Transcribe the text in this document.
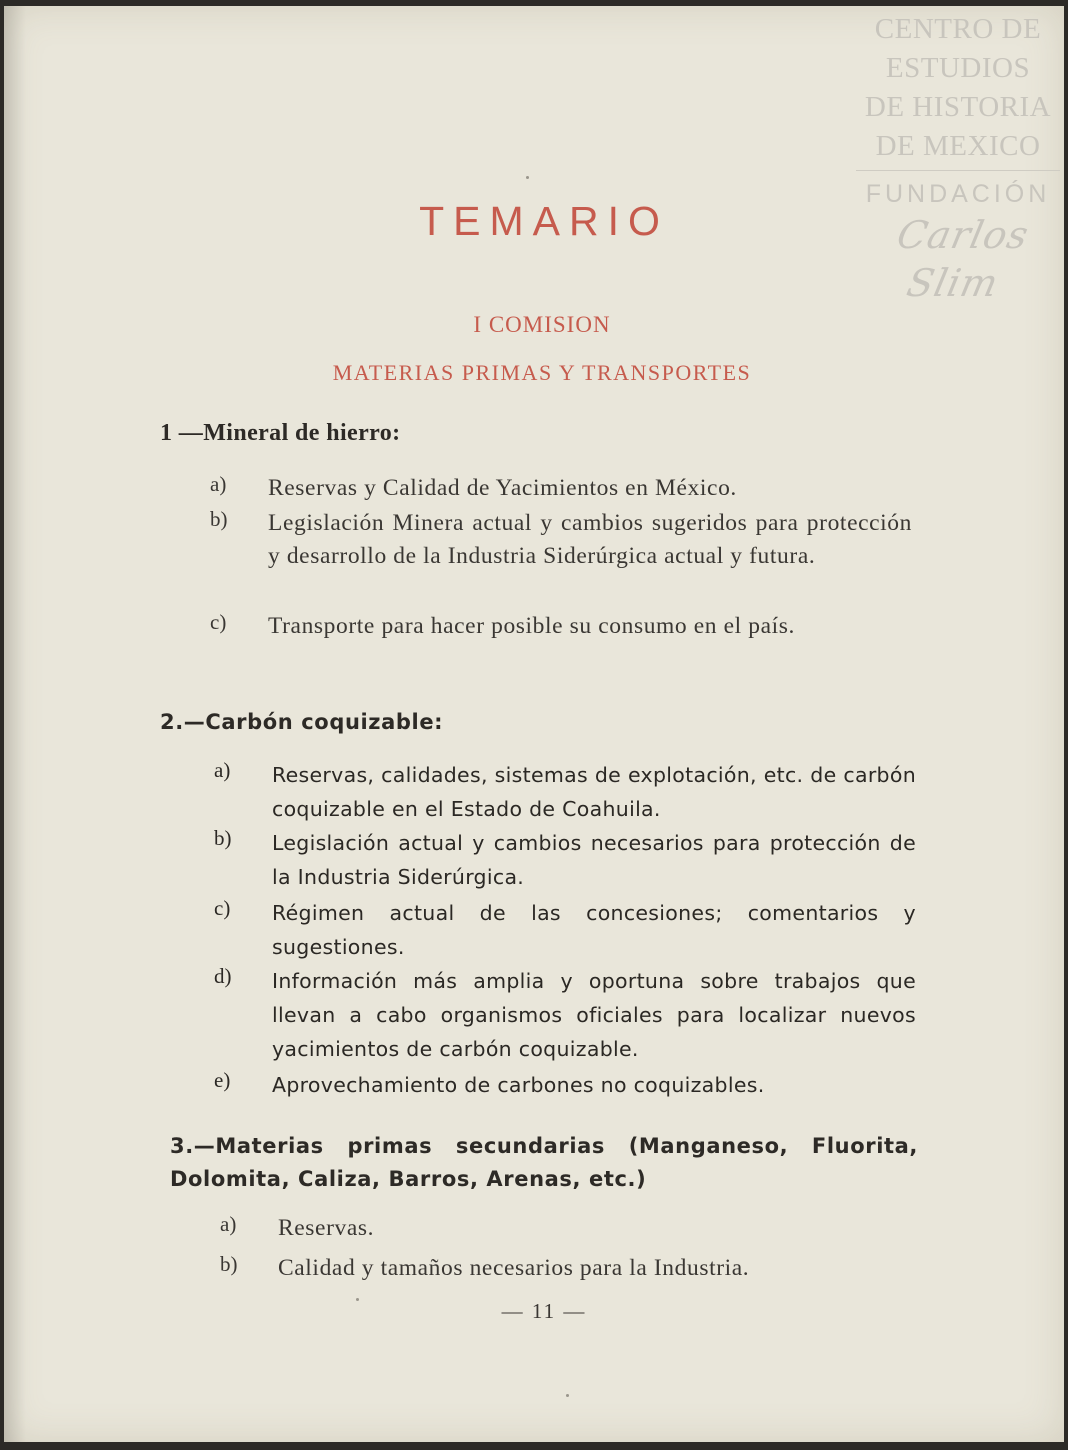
CENTRO DE
ESTUDIOS
DE HISTORIA
DE MEXICO
FUNDACIÓN
Carlos Slim
TEMARIO
I COMISION
MATERIAS PRIMAS Y TRANSPORTES
1 —Mineral de hierro:
a) Reservas y Calidad de Yacimientos en México.
b) Legislación Minera actual y cambios sugeridos para protección y desarrollo de la Industria Siderúrgica actual y futura.
c) Transporte para hacer posible su consumo en el país.
2.—Carbón coquizable:
a) Reservas, calidades, sistemas de explotación, etc. de carbón coquizable en el Estado de Coahuila.
b) Legislación actual y cambios necesarios para protección de la Industria Siderúrgica.
c) Régimen actual de las concesiones; comentarios y sugestiones.
d) Información más amplia y oportuna sobre trabajos que llevan a cabo organismos oficiales para localizar nuevos yacimientos de carbón coquizable.
e) Aprovechamiento de carbones no coquizables.
3.—Materias primas secundarias (Manganeso, Fluorita, Dolomita, Caliza, Barros, Arenas, etc.)
a) Reservas.
b) Calidad y tamaños necesarios para la Industria.
— 11 —
